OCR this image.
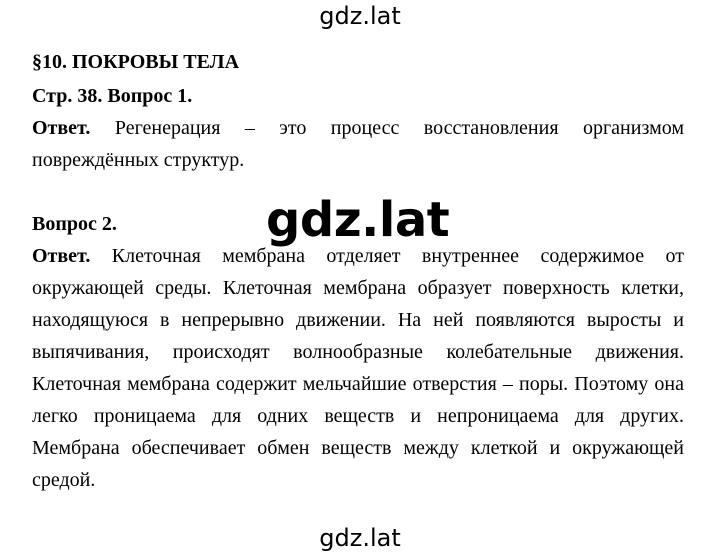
gdz.lat
§10. ПОКРОВЫ ТЕЛА
Стр. 38. Вопрос 1.

Ответ. Регенерация – это процесс восстановления организмом повреждённых структур.

Вопрос 2.

Ответ. Клеточная мембрана отделяет внутреннее содержимое от окружающей среды. Клеточная мембрана образует поверхность клетки, находящуюся в непрерывно движении. На ней появляются выросты и выпячивания, происходят волнообразные колебательные движения. Клеточная мембрана содержит мельчайшие отверстия – поры. Поэтому она легко проницаема для одних веществ и непроницаема для других. Мембрана обеспечивает обмен веществ между клеткой и окружающей средой.

gdz.lat
gdz.lat
